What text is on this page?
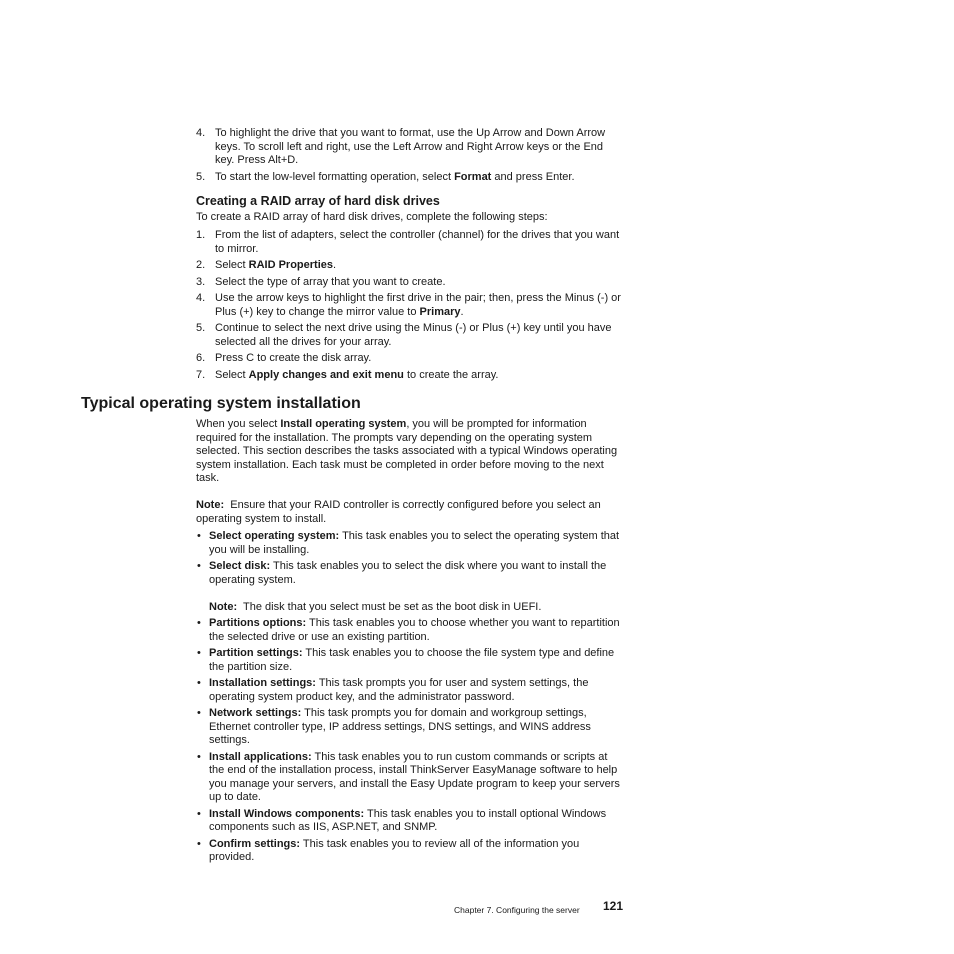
4. To highlight the drive that you want to format, use the Up Arrow and Down Arrow keys. To scroll left and right, use the Left Arrow and Right Arrow keys or the End key. Press Alt+D.
5. To start the low-level formatting operation, select Format and press Enter.
Creating a RAID array of hard disk drives
To create a RAID array of hard disk drives, complete the following steps:
1. From the list of adapters, select the controller (channel) for the drives that you want to mirror.
2. Select RAID Properties.
3. Select the type of array that you want to create.
4. Use the arrow keys to highlight the first drive in the pair; then, press the Minus (-) or Plus (+) key to change the mirror value to Primary.
5. Continue to select the next drive using the Minus (-) or Plus (+) key until you have selected all the drives for your array.
6. Press C to create the disk array.
7. Select Apply changes and exit menu to create the array.
Typical operating system installation
When you select Install operating system, you will be prompted for information required for the installation. The prompts vary depending on the operating system selected. This section describes the tasks associated with a typical Windows operating system installation. Each task must be completed in order before moving to the next task.
Note: Ensure that your RAID controller is correctly configured before you select an operating system to install.
• Select operating system: This task enables you to select the operating system that you will be installing.
• Select disk: This task enables you to select the disk where you want to install the operating system.
Note: The disk that you select must be set as the boot disk in UEFI.
• Partitions options: This task enables you to choose whether you want to repartition the selected drive or use an existing partition.
• Partition settings: This task enables you to choose the file system type and define the partition size.
• Installation settings: This task prompts you for user and system settings, the operating system product key, and the administrator password.
• Network settings: This task prompts you for domain and workgroup settings, Ethernet controller type, IP address settings, DNS settings, and WINS address settings.
• Install applications: This task enables you to run custom commands or scripts at the end of the installation process, install ThinkServer EasyManage software to help you manage your servers, and install the Easy Update program to keep your servers up to date.
• Install Windows components: This task enables you to install optional Windows components such as IIS, ASP.NET, and SNMP.
• Confirm settings: This task enables you to review all of the information you provided.
Chapter 7. Configuring the server 121
